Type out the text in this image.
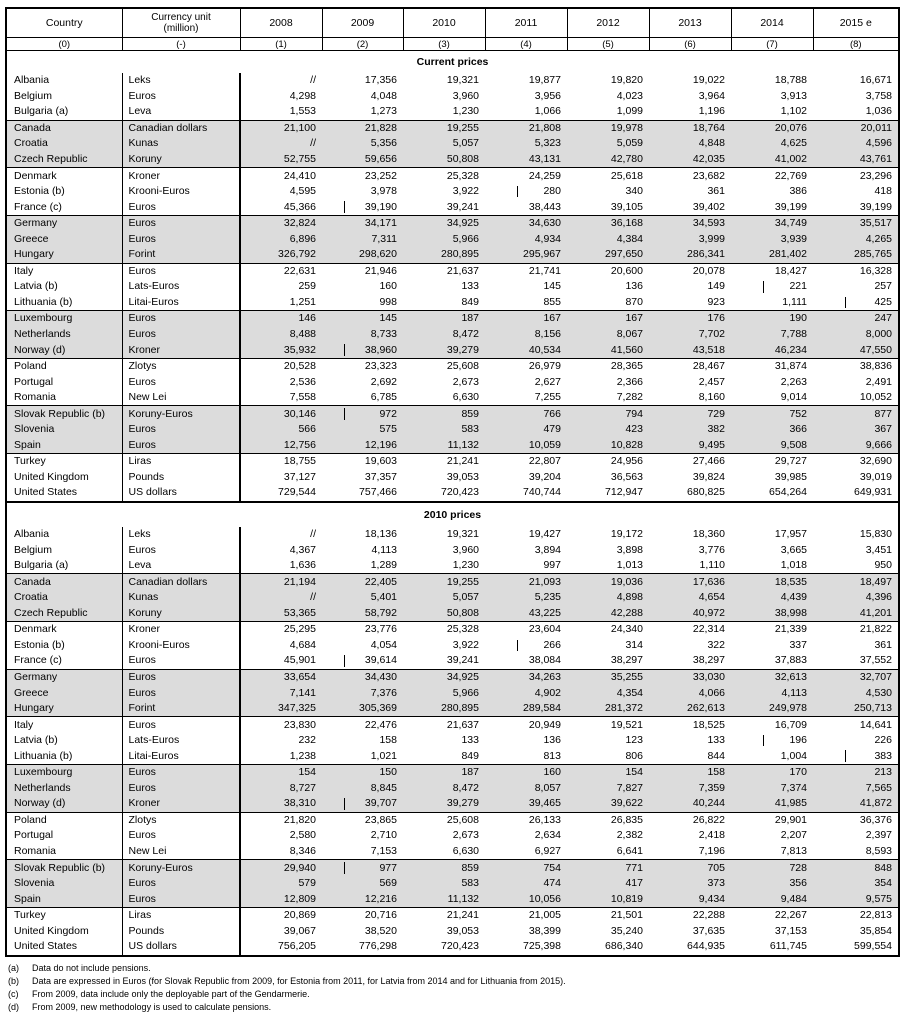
Country	Currency unit
(million)	2008	2009	2010	2011	2012	2013	2014	2015 e
(0)	(-)	(1)	(2)	(3)	(4)	(5)	(6)	(7)	(8)
Current prices									
Albania	Leks	//	17,356	19,321	19,877	19,820	19,022	18,788	16,671
Belgium	Euros	4,298	4,048	3,960	3,956	4,023	3,964	3,913	3,758
Bulgaria (a)	Leva	1,553	1,273	1,230	1,066	1,099	1,196	1,102	1,036
Canada	Canadian dollars	21,100	21,828	19,255	21,808	19,978	18,764	20,076	20,011
Croatia	Kunas	//	5,356	5,057	5,323	5,059	4,848	4,625	4,596
Czech Republic	Koruny	52,755	59,656	50,808	43,131	42,780	42,035	41,002	43,761
Denmark	Kroner	24,410	23,252	25,328	24,259	25,618	23,682	22,769	23,296
Estonia (b)	Krooni-Euros	4,595	3,978	3,922	280	340	361	386	418
France (c)	Euros	45,366	39,190	39,241	38,443	39,105	39,402	39,199	39,199
Germany	Euros	32,824	34,171	34,925	34,630	36,168	34,593	34,749	35,517
Greece	Euros	6,896	7,311	5,966	4,934	4,384	3,999	3,939	4,265
Hungary	Forint	326,792	298,620	280,895	295,967	297,650	286,341	281,402	285,765
Italy	Euros	22,631	21,946	21,637	21,741	20,600	20,078	18,427	16,328
Latvia (b)	Lats-Euros	259	160	133	145	136	149	221	257
Lithuania (b)	Litai-Euros	1,251	998	849	855	870	923	1,111	425
Luxembourg	Euros	146	145	187	167	167	176	190	247
Netherlands	Euros	8,488	8,733	8,472	8,156	8,067	7,702	7,788	8,000
Norway (d)	Kroner	35,932	38,960	39,279	40,534	41,560	43,518	46,234	47,550
Poland	Zlotys	20,528	23,323	25,608	26,979	28,365	28,467	31,874	38,836
Portugal	Euros	2,536	2,692	2,673	2,627	2,366	2,457	2,263	2,491
Romania	New Lei	7,558	6,785	6,630	7,255	7,282	8,160	9,014	10,052
Slovak Republic (b)	Koruny-Euros	30,146	972	859	766	794	729	752	877
Slovenia	Euros	566	575	583	479	423	382	366	367
Spain	Euros	12,756	12,196	11,132	10,059	10,828	9,495	9,508	9,666
Turkey	Liras	18,755	19,603	21,241	22,807	24,956	27,466	29,727	32,690
United Kingdom	Pounds	37,127	37,357	39,053	39,204	36,563	39,824	39,985	39,019
United States	US dollars	729,544	757,466	720,423	740,744	712,947	680,825	654,264	649,931
2010 prices									
Albania	Leks	//	18,136	19,321	19,427	19,172	18,360	17,957	15,830
Belgium	Euros	4,367	4,113	3,960	3,894	3,898	3,776	3,665	3,451
Bulgaria (a)	Leva	1,636	1,289	1,230	997	1,013	1,110	1,018	950
Canada	Canadian dollars	21,194	22,405	19,255	21,093	19,036	17,636	18,535	18,497
Croatia	Kunas	//	5,401	5,057	5,235	4,898	4,654	4,439	4,396
Czech Republic	Koruny	53,365	58,792	50,808	43,225	42,288	40,972	38,998	41,201
Denmark	Kroner	25,295	23,776	25,328	23,604	24,340	22,314	21,339	21,822
Estonia (b)	Krooni-Euros	4,684	4,054	3,922	266	314	322	337	361
France (c)	Euros	45,901	39,614	39,241	38,084	38,297	38,297	37,883	37,552
Germany	Euros	33,654	34,430	34,925	34,263	35,255	33,030	32,613	32,707
Greece	Euros	7,141	7,376	5,966	4,902	4,354	4,066	4,113	4,530
Hungary	Forint	347,325	305,369	280,895	289,584	281,372	262,613	249,978	250,713
Italy	Euros	23,830	22,476	21,637	20,949	19,521	18,525	16,709	14,641
Latvia (b)	Lats-Euros	232	158	133	136	123	133	196	226
Lithuania (b)	Litai-Euros	1,238	1,021	849	813	806	844	1,004	383
Luxembourg	Euros	154	150	187	160	154	158	170	213
Netherlands	Euros	8,727	8,845	8,472	8,057	7,827	7,359	7,374	7,565
Norway (d)	Kroner	38,310	39,707	39,279	39,465	39,622	40,244	41,985	41,872
Poland	Zlotys	21,820	23,865	25,608	26,133	26,835	26,822	29,901	36,376
Portugal	Euros	2,580	2,710	2,673	2,634	2,382	2,418	2,207	2,397
Romania	New Lei	8,346	7,153	6,630	6,927	6,641	7,196	7,813	8,593
Slovak Republic (b)	Koruny-Euros	29,940	977	859	754	771	705	728	848
Slovenia	Euros	579	569	583	474	417	373	356	354
Spain	Euros	12,809	12,216	11,132	10,056	10,819	9,434	9,484	9,575
Turkey	Liras	20,869	20,716	21,241	21,005	21,501	22,288	22,267	22,813
United Kingdom	Pounds	39,067	38,520	39,053	38,399	35,240	37,635	37,153	35,854
United States	US dollars	756,205	776,298	720,423	725,398	686,340	644,935	611,745	599,554
(a) Data do not include pensions.
(b) Data are expressed in Euros (for Slovak Republic from 2009, for Estonia from 2011, for Latvia from 2014 and for Lithuania from 2015).
(c) From 2009, data include only the deployable part of the Gendarmerie.
(d) From 2009, new methodology is used to calculate pensions.
